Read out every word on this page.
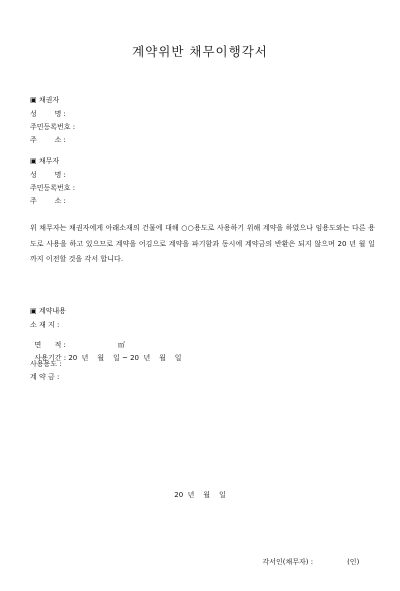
계약위반 채무이행각서
▣ 채권자
성        명 :
주민등록번호 :
주        소 :
▣ 채무자
성        명 :
주민등록번호 :
주        소 :
위 채무자는 채권자에게 아래소재의 건물에 대해 ○○용도로 사용하기 위해 계약을 하였으나 임용도와는 다른 용도로 사용을 하고 있으므로 계약을 어김으로 계약을 파기함과 동시에 계약금의 반환은 되지 않으며 20 년 월 일까지 이전할 것을 각서 합니다.
▣ 계약내용
소 재 지 :

면      적 :	㎡

사용기간 : 20  년    월    일 ~ 20  년    월    일

사용용도 :
계 약 금 :
20  년    월    일

각서인(채무자) :	(인)
